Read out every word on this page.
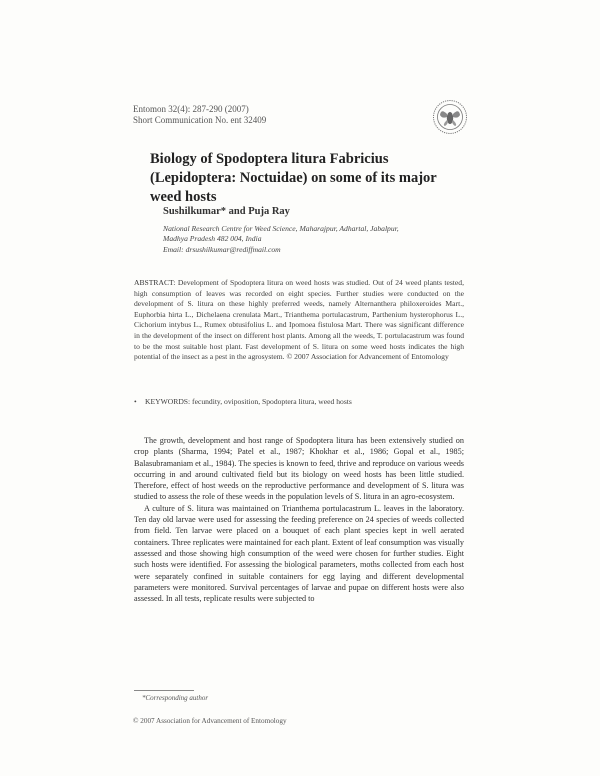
Entomon 32(4): 287-290 (2007)
Short Communication No. ent 32409
Biology of Spodoptera litura Fabricius (Lepidoptera: Noctuidae) on some of its major weed hosts
Sushilkumar* and Puja Ray
National Research Centre for Weed Science, Maharajpur, Adhartal, Jabalpur,
Madhya Pradesh 482 004, India
Email: drsushilkumar@rediffmail.com
ABSTRACT: Development of Spodoptera litura on weed hosts was studied. Out of 24 weed plants tested, high consumption of leaves was recorded on eight species. Further studies were conducted on the development of S. litura on these highly preferred weeds, namely Alternanthera philoxeroides Mart., Euphorbia hirta L., Dichelaena crenulata Mart., Trianthema portulacastrum, Parthenium hysterophorus L., Cichorium intybus L., Rumex obtusifolius L. and Ipomoea fistulosa Mart. There was significant difference in the development of the insect on different host plants. Among all the weeds, T. portulacastrum was found to be the most suitable host plant. Fast development of S. litura on some weed hosts indicates the high potential of the insect as a pest in the agrosystem. © 2007 Association for Advancement of Entomology
• KEYWORDS: fecundity, oviposition, Spodoptera litura, weed hosts

The growth, development and host range of Spodoptera litura has been extensively studied on crop plants (Sharma, 1994; Patel et al., 1987; Khokhar et al., 1986; Gopal et al., 1985; Balasubramaniam et al., 1984). The species is known to feed, thrive and reproduce on various weeds occurring in and around cultivated field but its biology on weed hosts has been little studied. Therefore, effect of host weeds on the reproductive performance and development of S. litura was studied to assess the role of these weeds in the population levels of S. litura in an agro-ecosystem.

A culture of S. litura was maintained on Trianthema portulacastrum L. leaves in the laboratory. Ten day old larvae were used for assessing the feeding preference on 24 species of weeds collected from field. Ten larvae were placed on a bouquet of each plant species kept in well aerated containers. Three replicates were maintained for each plant. Extent of leaf consumption was visually assessed and those showing high consumption of the weed were chosen for further studies. Eight such hosts were identified. For assessing the biological parameters, moths collected from each host were separately confined in suitable containers for egg laying and different developmental parameters were monitored. Survival percentages of larvae and pupae on different hosts were also assessed. In all tests, replicate results were subjected to

*Corresponding author
© 2007 Association for Advancement of Entomology
